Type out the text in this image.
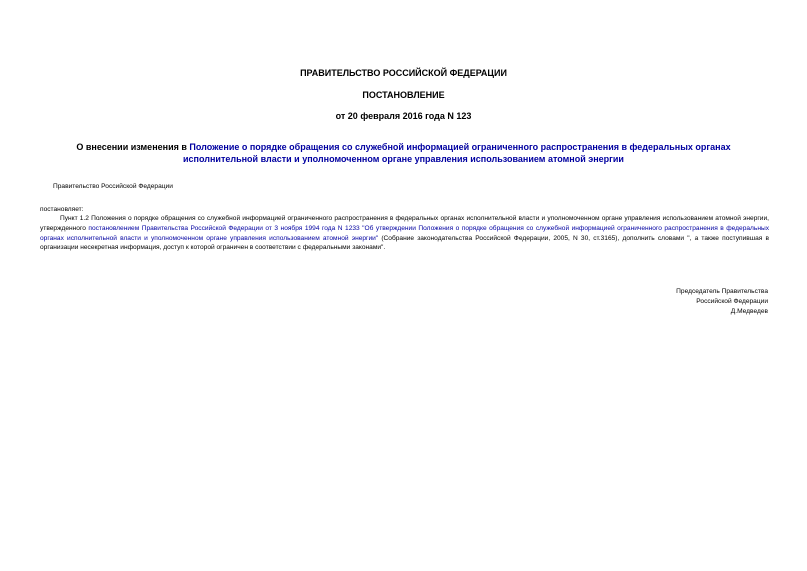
ПРАВИТЕЛЬСТВО РОССИЙСКОЙ ФЕДЕРАЦИИ
ПОСТАНОВЛЕНИЕ
от 20 февраля 2016 года N 123
О внесении изменения в Положение о порядке обращения со служебной информацией ограниченного распространения в федеральных органах исполнительной власти и уполномоченном органе управления использованием атомной энергии
Правительство Российской Федерации
постановляет:
Пункт 1.2 Положения о порядке обращения со служебной информацией ограниченного распространения в федеральных органах исполнительной власти и уполномоченном органе управления использованием атомной энергии, утвержденного постановлением Правительства Российской Федерации от 3 ноября 1994 года N 1233 "Об утверждении Положения о порядке обращения со служебной информацией ограниченного распространения в федеральных органах исполнительной власти и уполномоченном органе управления использованием атомной энергии" (Собрание законодательства Российской Федерации, 2005, N 30, ст.3165), дополнить словами ", а также поступившая в организации несекретная информация, доступ к которой ограничен в соответствии с федеральными законами".
Председатель Правительства
Российской Федерации
Д.Медведев
